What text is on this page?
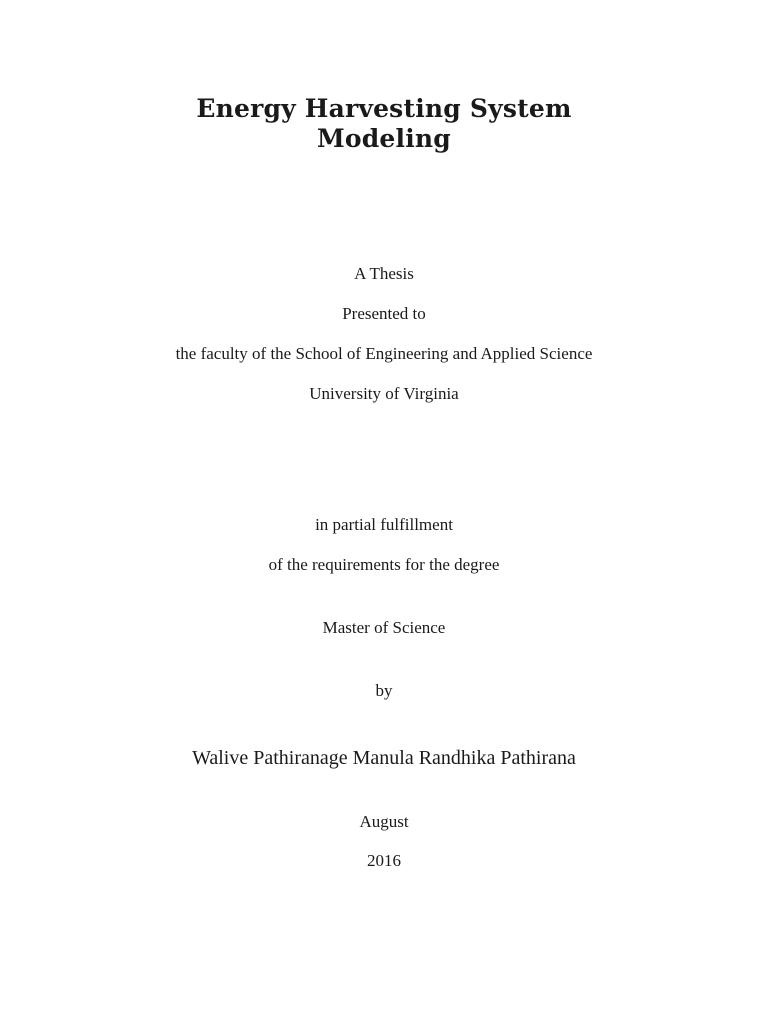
Energy Harvesting System
Modeling

A Thesis

Presented to

the faculty of the School of Engineering and Applied Science

University of Virginia

in partial fulfillment

of the requirements for the degree

Master of Science

by

Walive Pathiranage Manula Randhika Pathirana

August

2016
